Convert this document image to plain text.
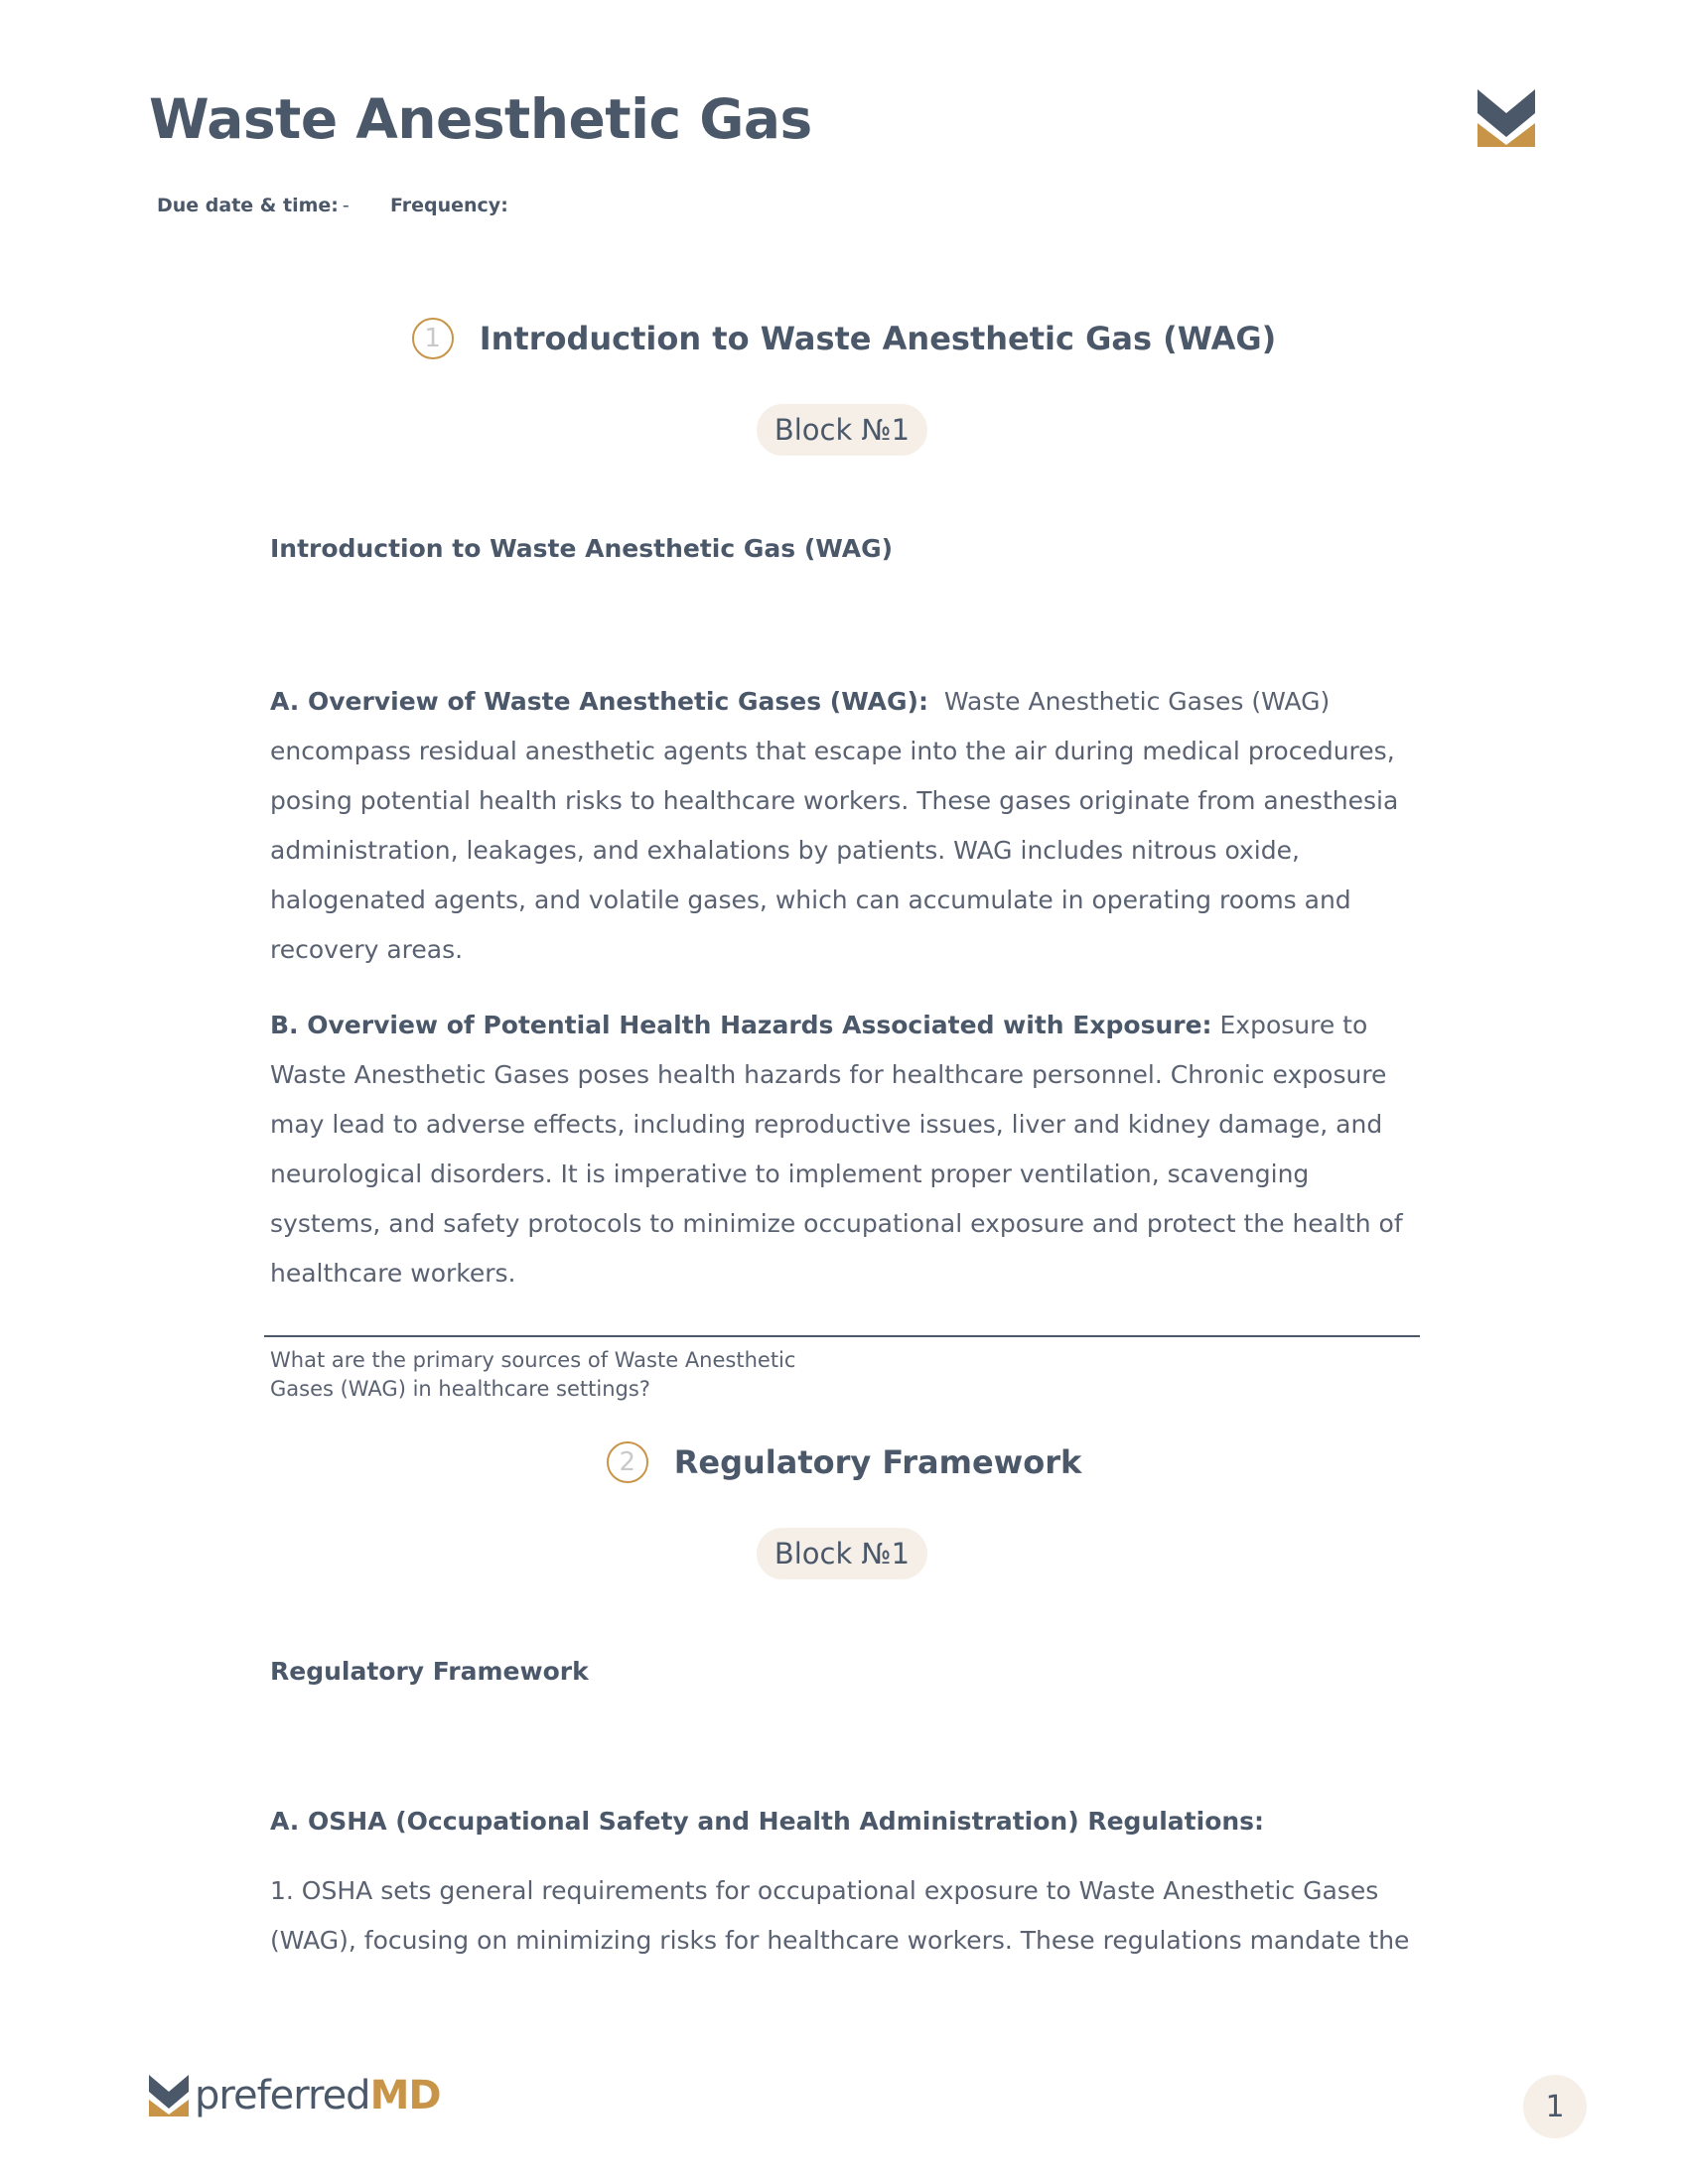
Waste Anesthetic Gas
Due date & time: - Frequency:
1	Introduction to Waste Anesthetic Gas (WAG)
Block №1
Introduction to Waste Anesthetic Gas (WAG)

A. Overview of Waste Anesthetic Gases (WAG): Waste Anesthetic Gases (WAG) encompass residual anesthetic agents that escape into the air during medical procedures, posing potential health risks to healthcare workers. These gases originate from anesthesia administration, leakages, and exhalations by patients. WAG includes nitrous oxide, halogenated agents, and volatile gases, which can accumulate in operating rooms and recovery areas.

B. Overview of Potential Health Hazards Associated with Exposure: Exposure to Waste Anesthetic Gases poses health hazards for healthcare personnel. Chronic exposure may lead to adverse effects, including reproductive issues, liver and kidney damage, and neurological disorders. It is imperative to implement proper ventilation, scavenging systems, and safety protocols to minimize occupational exposure and protect the health of healthcare workers.

What are the primary sources of Waste Anesthetic Gases (WAG) in healthcare settings?
2	Regulatory Framework
Block №1
Regulatory Framework
A. OSHA (Occupational Safety and Health Administration) Regulations:

1. OSHA sets general requirements for occupational exposure to Waste Anesthetic Gases (WAG), focusing on minimizing risks for healthcare workers. These regulations mandate the

preferred MD	1
